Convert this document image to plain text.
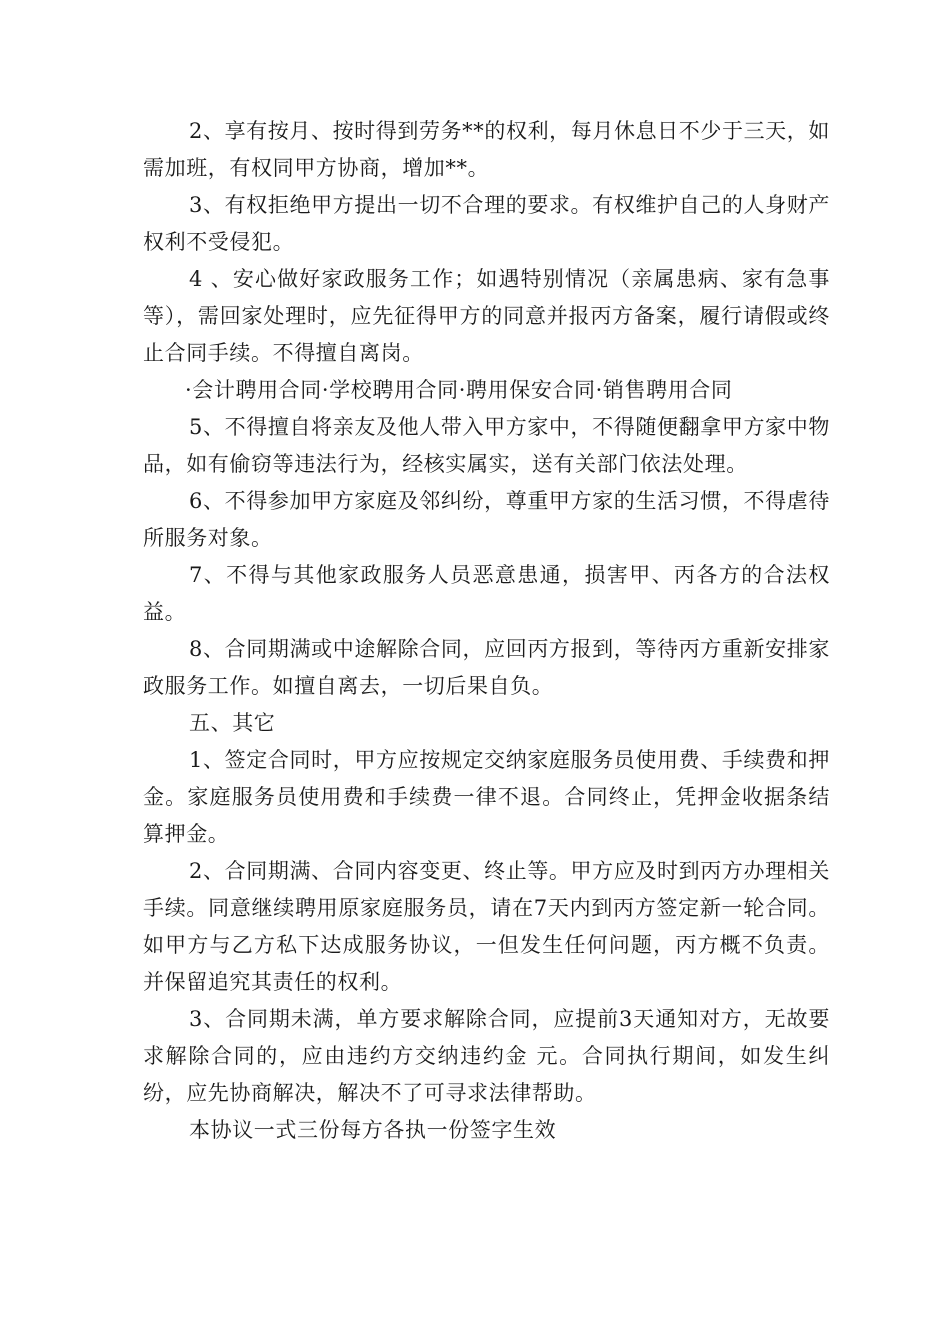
2、享有按月、按时得到劳务**的权利，每月休息日不少于三天，如需加班，有权同甲方协商，增加**。

3、有权拒绝甲方提出一切不合理的要求。有权维护自己的人身财产权利不受侵犯。

4 、安心做好家政服务工作；如遇特别情况（亲属患病、家有急事等），需回家处理时，应先征得甲方的同意并报丙方备案，履行请假或终止合同手续。不得擅自离岗。

·会计聘用合同·学校聘用合同·聘用保安合同·销售聘用合同

5、不得擅自将亲友及他人带入甲方家中，不得随便翻拿甲方家中物品，如有偷窃等违法行为，经核实属实，送有关部门依法处理。

6、不得参加甲方家庭及邻纠纷，尊重甲方家的生活习惯，不得虐待所服务对象。

7、不得与其他家政服务人员恶意患通，损害甲、丙各方的合法权益。

8、合同期满或中途解除合同，应回丙方报到，等待丙方重新安排家政服务工作。如擅自离去，一切后果自负。

五、其它

1、签定合同时，甲方应按规定交纳家庭服务员使用费、手续费和押金。家庭服务员使用费和手续费一律不退。合同终止，凭押金收据条结算押金。

2、合同期满、合同内容变更、终止等。甲方应及时到丙方办理相关手续。同意继续聘用原家庭服务员，请在7天内到丙方签定新一轮合同。如甲方与乙方私下达成服务协议，一但发生任何问题，丙方概不负责。并保留追究其责任的权利。

3、合同期未满，单方要求解除合同，应提前3天通知对方，无故要求解除合同的，应由违约方交纳违约金 元。合同执行期间，如发生纠纷，应先协商解决，解决不了可寻求法律帮助。

本协议一式三份每方各执一份签字生效
